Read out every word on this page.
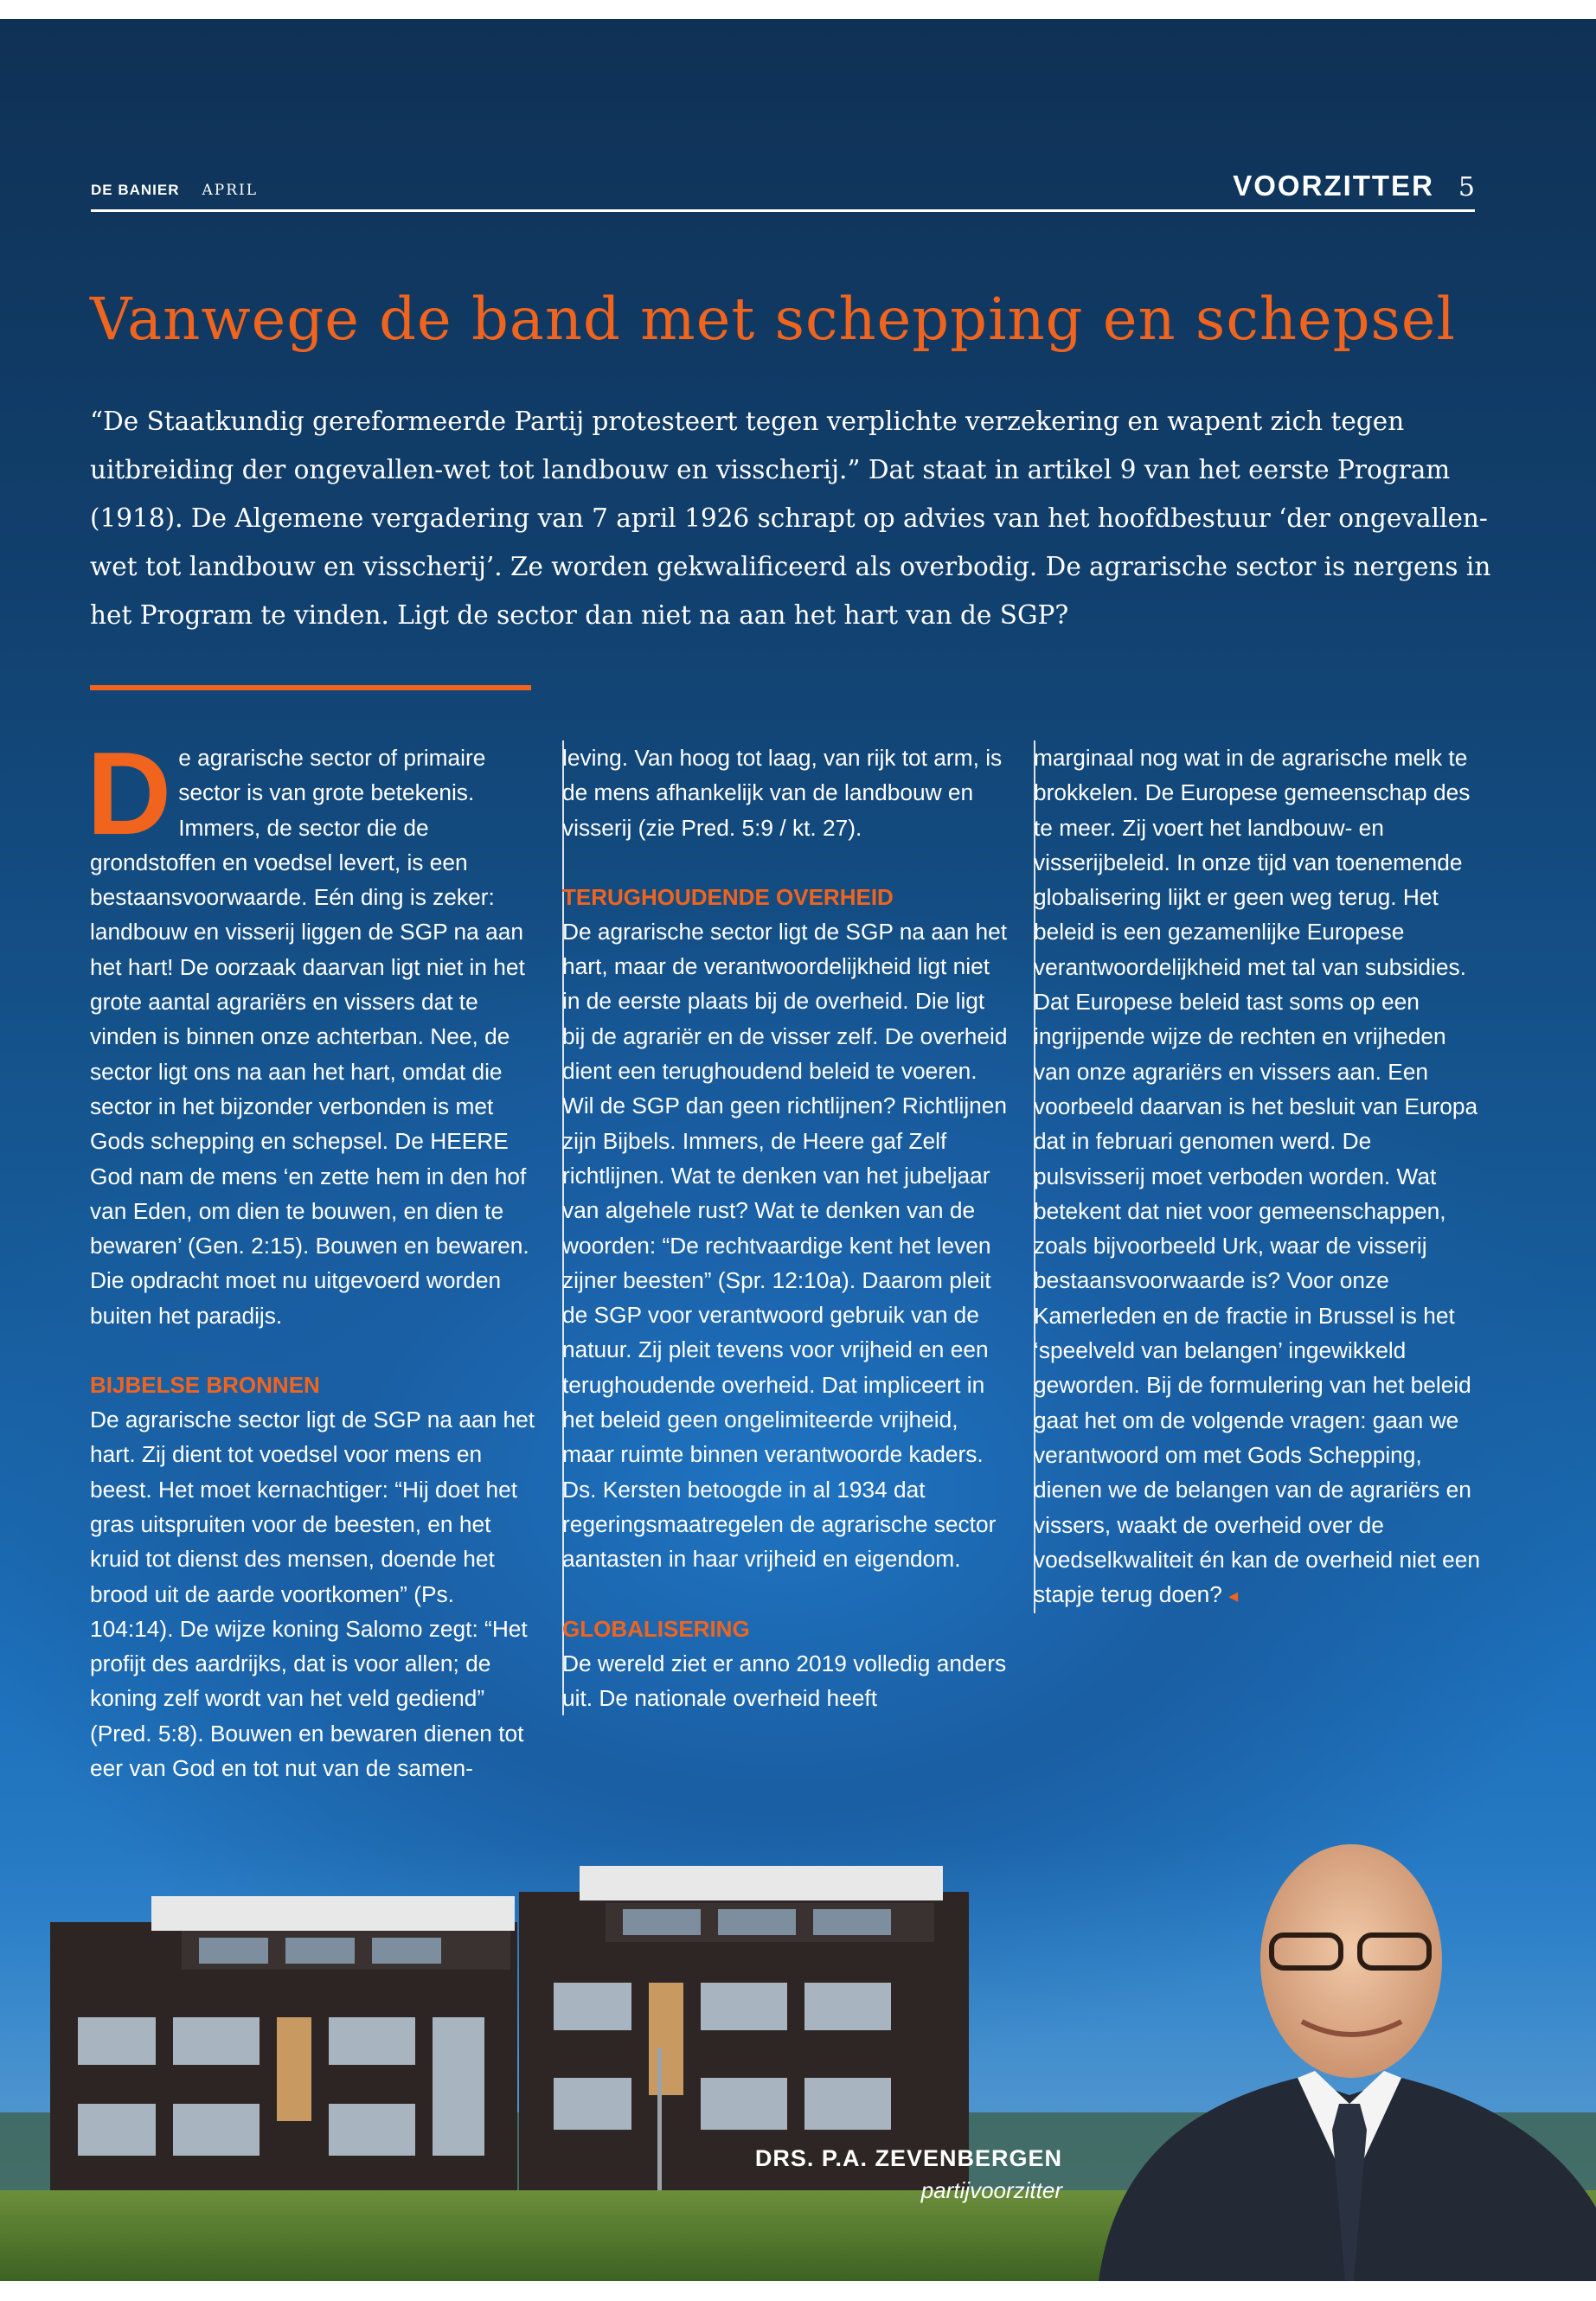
DE BANIER APRIL	VOORZITTER 5
Vanwege de band met schepping en schepsel

“De Staatkundig gereformeerde Partij protesteert tegen verplichte verzekering en wapent zich tegen uitbreiding der ongevallen-wet tot landbouw en visscherij.” Dat staat in artikel 9 van het eerste Program (1918). De Algemene vergadering van 7 april 1926 schrapt op advies van het hoofdbestuur ‘der ongevallen-wet tot landbouw en visscherij’. Ze worden gekwalificeerd als overbodig. De agrarische sector is nergens in het Program te vinden. Ligt de sector dan niet na aan het hart van de SGP?

De agrarische sector of primaire sector is van grote betekenis. Immers, de sector die de grondstoffen en voedsel levert, is een bestaansvoorwaarde. Eén ding is zeker: landbouw en visserij liggen de SGP na aan het hart! De oorzaak daarvan ligt niet in het grote aantal agrariërs en vissers dat te vinden is binnen onze achterban. Nee, de sector ligt ons na aan het hart, omdat die sector in het bijzonder verbonden is met Gods schepping en schepsel. De HEERE God nam de mens ‘en zette hem in den hof van Eden, om dien te bouwen, en dien te bewaren’ (Gen. 2:15). Bouwen en bewaren. Die opdracht moet nu uitgevoerd worden buiten het paradijs.

BIJBELSE BRONNEN

De agrarische sector ligt de SGP na aan het hart. Zij dient tot voedsel voor mens en beest. Het moet kernachtiger: “Hij doet het gras uitspruiten voor de beesten, en het kruid tot dienst des mensen, doende het brood uit de aarde voortkomen” (Ps. 104:14). De wijze koning Salomo zegt: “Het profijt des aardrijks, dat is voor allen; de koning zelf wordt van het veld gediend” (Pred. 5:8). Bouwen en bewaren dienen tot eer van God en tot nut van de samen-

leving. Van hoog tot laag, van rijk tot arm, is de mens afhankelijk van de landbouw en visserij (zie Pred. 5:9 / kt. 27).

TERUGHOUDENDE OVERHEID

De agrarische sector ligt de SGP na aan het hart, maar de verantwoordelijkheid ligt niet in de eerste plaats bij de overheid. Die ligt bij de agrariër en de visser zelf. De overheid dient een terughoudend beleid te voeren. Wil de SGP dan geen richtlijnen? Richtlijnen zijn Bijbels. Immers, de Heere gaf Zelf richtlijnen. Wat te denken van het jubeljaar van algehele rust? Wat te denken van de woorden: “De rechtvaardige kent het leven zijner beesten” (Spr. 12:10a). Daarom pleit de SGP voor verantwoord gebruik van de natuur. Zij pleit tevens voor vrijheid en een terughoudende overheid. Dat impliceert in het beleid geen ongelimiteerde vrijheid, maar ruimte binnen verantwoorde kaders. Ds. Kersten betoogde in al 1934 dat regeringsmaatregelen de agrarische sector aantasten in haar vrijheid en eigendom.

GLOBALISERING

De wereld ziet er anno 2019 volledig anders uit. De nationale overheid heeft

marginaal nog wat in de agrarische melk te brokkelen. De Europese gemeenschap des te meer. Zij voert het landbouw- en visserijbeleid. In onze tijd van toenemende globalisering lijkt er geen weg terug. Het beleid is een gezamenlijke Europese verantwoordelijkheid met tal van subsidies. Dat Europese beleid tast soms op een ingrijpende wijze de rechten en vrijheden van onze agrariërs en vissers aan. Een voorbeeld daarvan is het besluit van Europa dat in februari genomen werd. De pulsvisserij moet verboden worden. Wat betekent dat niet voor gemeenschappen, zoals bijvoorbeeld Urk, waar de visserij bestaansvoorwaarde is? Voor onze Kamerleden en de fractie in Brussel is het ‘speelveld van belangen’ ingewikkeld geworden. Bij de formulering van het beleid gaat het om de volgende vragen: gaan we verantwoord om met Gods Schepping, dienen we de belangen van de agrariërs en vissers, waakt de overheid over de voedselkwaliteit én kan de overheid niet een stapje terug doen? ◂

DRS. P.A. ZEVENBERGEN
partijvoorzitter
